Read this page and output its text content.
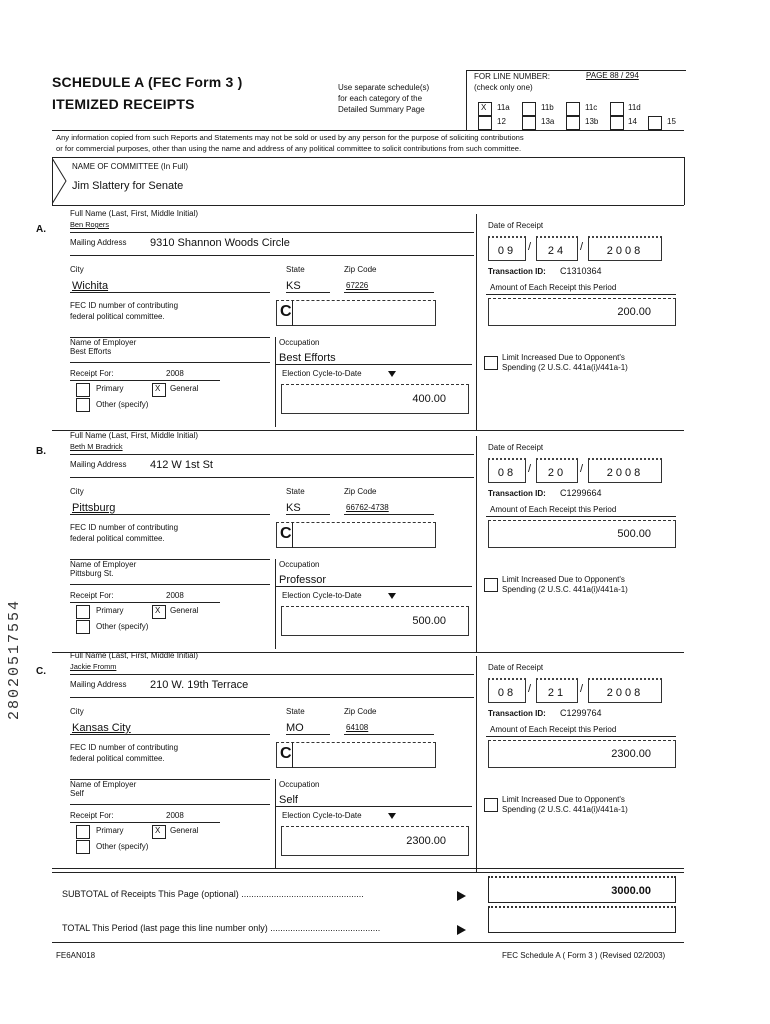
28020517554
SCHEDULE A (FEC Form 3 )
ITEMIZED RECEIPTS
Use separate schedule(s)
for each category of the
Detailed Summary Page
FOR LINE NUMBER:	PAGE 88 / 294
(check only one)
X 11a	11b	11c	11d
12	13a	13b	14	15
Any information copied from such Reports and Statements may not be sold or used by any person for the purpose of soliciting contributions
or for commercial purposes, other than using the name and address of any political committee to solicit contributions from such committee.
NAME OF COMMITTEE (In Full)
Jim Slattery for Senate
A.
Full Name (Last, First, Middle Initial)
Ben Rogers
Mailing Address 9310 Shannon Woods Circle
City	State	Zip Code
Wichita	KS	67226
FEC ID number of contributing
federal political committee.	C
Name of Employer
Best Efforts
Occupation
Best Efforts
Receipt For:	2008
Primary	X General
Other (specify)
Election Cycle-to-Date
400.00
Date of Receipt
09	24	2008
/	/
Transaction ID: C1310364
Amount of Each Receipt this Period
200.00
Limit Increased Due to Opponent's
Spending (2 U.S.C. 441a(i)/441a-1)
B.
Full Name (Last, First, Middle Initial)
Beth M Bradrick
Mailing Address 412 W 1st St
City	State	Zip Code
Pittsburg	KS	66762-4738
FEC ID number of contributing
federal political committee.	C
Name of Employer
Pittsburg St.
Occupation
Professor
Receipt For:	2008
Primary	X General
Other (specify)
Election Cycle-to-Date
500.00
Date of Receipt
08	20	2008
/	/
Transaction ID: C1299664
Amount of Each Receipt this Period
500.00
Limit Increased Due to Opponent's
Spending (2 U.S.C. 441a(i)/441a-1)
C.
Full Name (Last, First, Middle Initial)
Jackie Fromm
Mailing Address 210 W. 19th Terrace
City	State	Zip Code
Kansas City	MO	64108
FEC ID number of contributing
federal political committee.	C
Name of Employer
Self
Occupation
Self
Receipt For:	2008
Primary	X General
Other (specify)
Election Cycle-to-Date
2300.00
Date of Receipt
08	21	2008
/	/
Transaction ID: C1299764
Amount of Each Receipt this Period
2300.00
Limit Increased Due to Opponent's
Spending (2 U.S.C. 441a(i)/441a-1)
SUBTOTAL of Receipts This Page (optional) .................................................	3000.00
TOTAL This Period (last page this line number only) ............................................
FE6AN018	FEC Schedule A ( Form 3 ) (Revised 02/2003)
